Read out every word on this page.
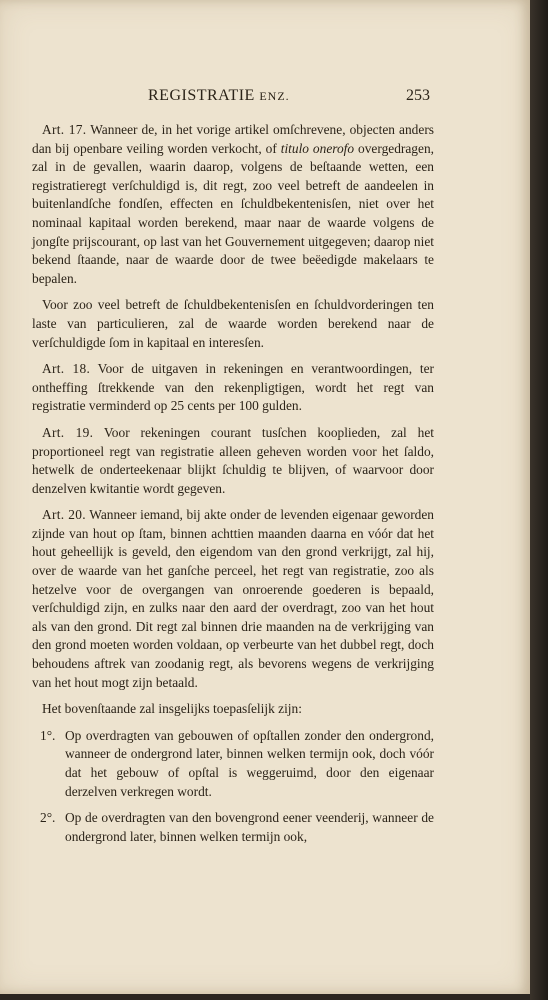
REGISTRATIE ENZ.	253

Art. 17. Wanneer de, in het vorige artikel omſchrevene, objecten anders dan bij openbare veiling worden verkocht, of titulo onerofo overgedragen, zal in de gevallen, waarin daarop, volgens de beſtaande wetten, een registratieregt verſchuldigd is, dit regt, zoo veel betreft de aandeelen in buitenlandſche fondſen, effecten en ſchuldbekentenisſen, niet over het nominaal kapitaal worden berekend, maar naar de waarde volgens de jongſte prijscourant, op last van het Gouvernement uitgegeven; daarop niet bekend ſtaande, naar de waarde door de twee beëedigde makelaars te bepalen.

Voor zoo veel betreft de ſchuldbekentenisſen en ſchuldvorderingen ten laste van particulieren, zal de waarde worden berekend naar de verſchuldigde ſom in kapitaal en interesſen.

Art. 18. Voor de uitgaven in rekeningen en verantwoordingen, ter ontheffing ſtrekkende van den rekenpligtigen, wordt het regt van registratie verminderd op 25 cents per 100 gulden.

Art. 19. Voor rekeningen courant tusſchen kooplieden, zal het proportioneel regt van registratie alleen geheven worden voor het ſaldo, hetwelk de onderteekenaar blijkt ſchuldig te blijven, of waarvoor door denzelven kwitantie wordt gegeven.

Art. 20. Wanneer iemand, bij akte onder de levenden eigenaar geworden zijnde van hout op ſtam, binnen achttien maanden daarna en vóór dat het hout geheellijk is geveld, den eigendom van den grond verkrijgt, zal hij, over de waarde van het ganſche perceel, het regt van registratie, zoo als hetzelve voor de overgangen van onroerende goederen is bepaald, verſchuldigd zijn, en zulks naar den aard der overdragt, zoo van het hout als van den grond. Dit regt zal binnen drie maanden na de verkrijging van den grond moeten worden voldaan, op verbeurte van het dubbel regt, doch behoudens aftrek van zoodanig regt, als bevorens wegens de verkrijging van het hout mogt zijn betaald.

Het bovenſtaande zal insgelijks toepasſelijk zijn:

1°. Op overdragten van gebouwen of opſtallen zonder den ondergrond, wanneer de ondergrond later, binnen welken termijn ook, doch vóór dat het gebouw of opſtal is weggeruimd, door den eigenaar derzelven verkregen wordt.

2°. Op de overdragten van den bovengrond eener veenderij, wanneer de ondergrond later, binnen welken termijn ook,
